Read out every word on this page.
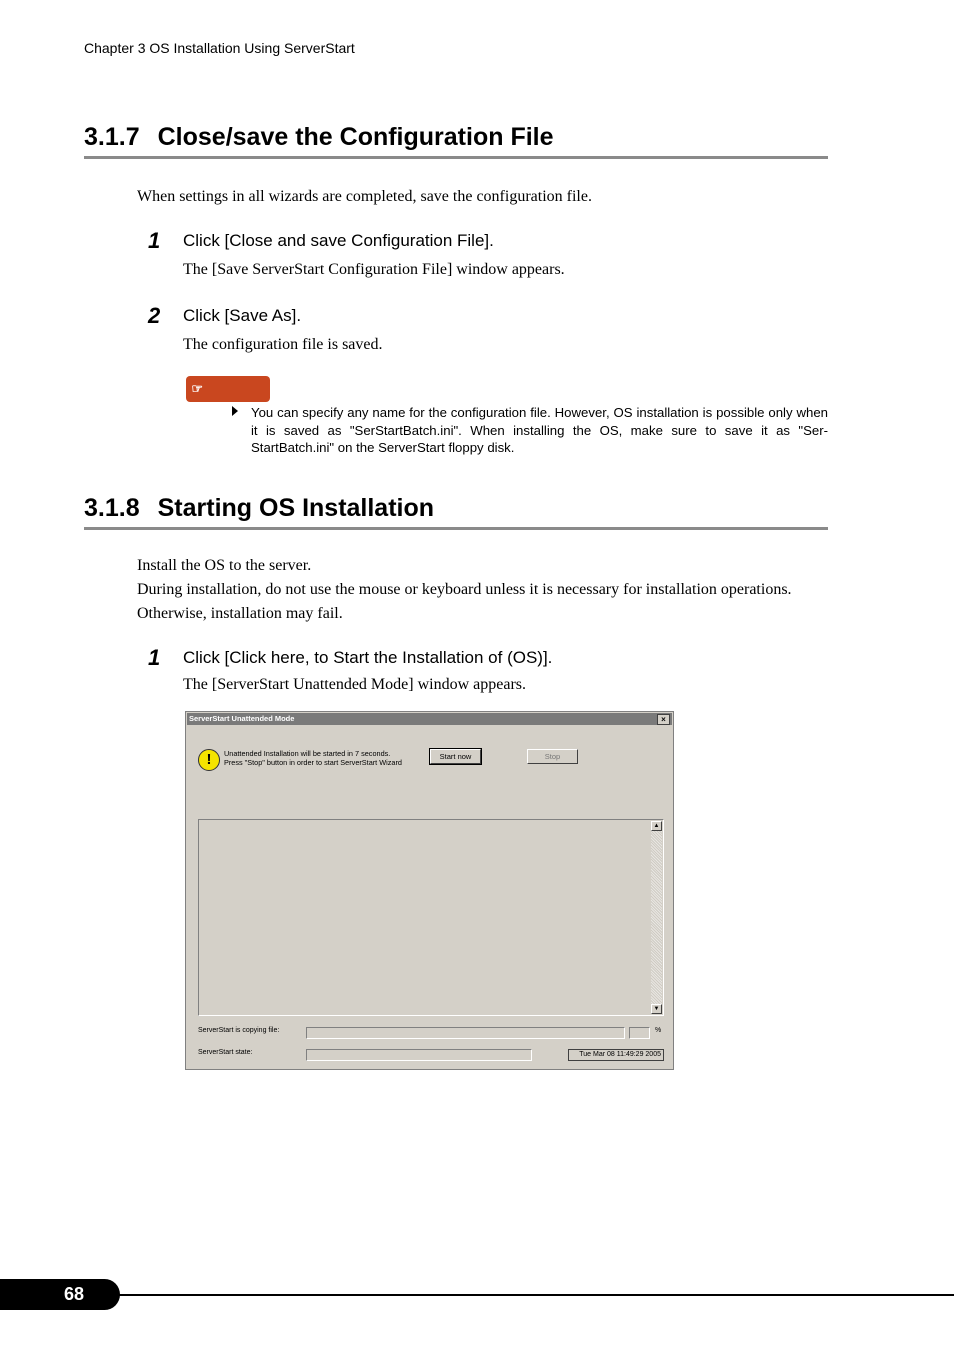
Chapter 3 OS Installation Using ServerStart
3.1.7 Close/save the Configuration File
When settings in all wizards are completed, save the configuration file.
1 Click [Close and save Configuration File].
The [Save ServerStart Configuration File] window appears.
2 Click [Save As].
The configuration file is saved.
☞IMPORTANT
You can specify any name for the configuration file. However, OS installation is possible only when it is saved as "SerStartBatch.ini". When installing the OS, make sure to save it as "Ser-StartBatch.ini" on the ServerStart floppy disk.
3.1.8 Starting OS Installation
Install the OS to the server.
During installation, do not use the mouse or keyboard unless it is necessary for installation operations.
Otherwise, installation may fail.
1 Click [Click here, to Start the Installation of (OS)].
The [ServerStart Unattended Mode] window appears.
ServerStart Unattended Mode	×
!	Unattended Installation will be started in 7 seconds.
Press "Stop" button in order to start ServerStart Wizard
Start now	Stop
▲
▼
ServerStart is copying file:	%
ServerStart state:	Tue Mar 08 11:49:29 2005
68
